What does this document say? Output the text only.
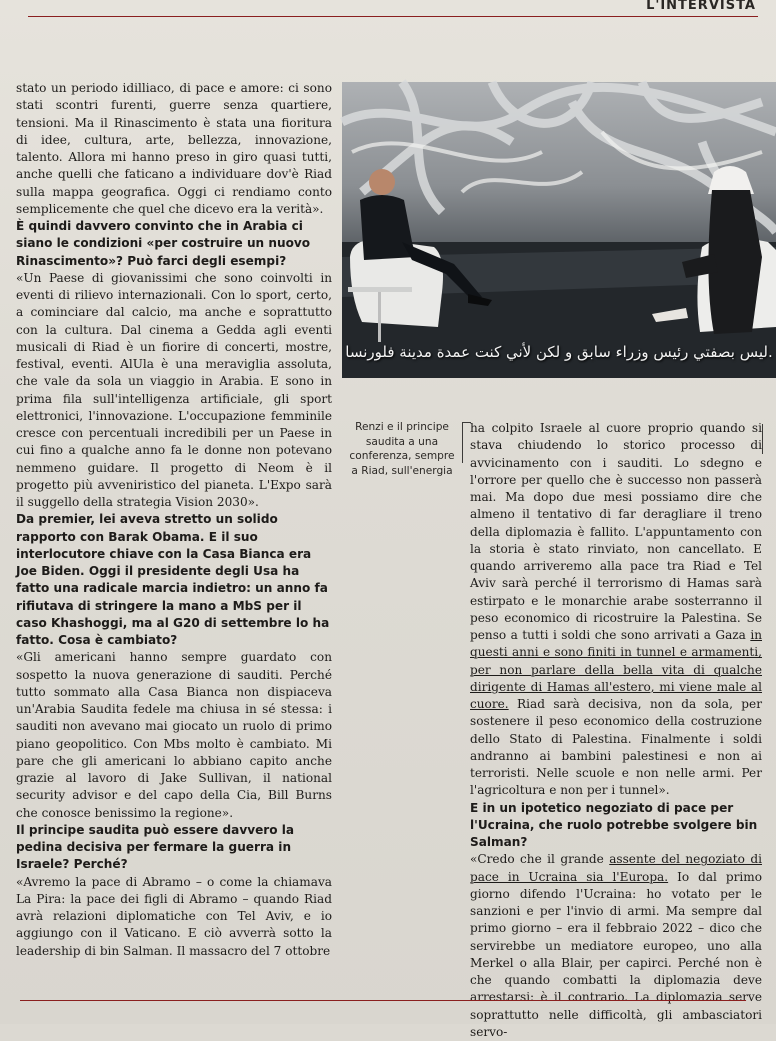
L'INTERVISTA

stato un periodo idilliaco, di pace e amore: ci sono stati scontri furenti, guerre senza quartiere, tensioni. Ma il Rinascimento è stata una fioritura di idee, cultura, arte, bellezza, innovazione, talento. Allora mi hanno preso in giro quasi tutti, anche quelli che faticano a individuare dov'è Riad sulla mappa geografica. Oggi ci rendiamo conto semplicemente che quel che dicevo era la verità».

È quindi davvero convinto che in Arabia ci siano le condizioni «per costruire un nuovo Rinascimento»? Può farci degli esempi?

«Un Paese di giovanissimi che sono coinvolti in eventi di rilievo internazionali. Con lo sport, certo, a cominciare dal calcio, ma anche e soprattutto con la cultura. Dal cinema a Gedda agli eventi musicali di Riad è un fiorire di concerti, mostre, festival, eventi. AlUla è una meraviglia assoluta, che vale da sola un viaggio in Arabia. E sono in prima fila sull'intelligenza artificiale, gli sport elettronici, l'innovazione. L'occupazione femminile cresce con percentuali incredibili per un Paese in cui fino a qualche anno fa le donne non potevano nemmeno guidare. Il progetto di Neom è il progetto più avveniristico del pianeta. L'Expo sarà il suggello della strategia Vision 2030».

Da premier, lei aveva stretto un solido rapporto con Barak Obama. E il suo interlocutore chiave con la Casa Bianca era Joe Biden. Oggi il presidente degli Usa ha fatto una radicale marcia indietro: un anno fa rifiutava di stringere la mano a MbS per il caso Khashoggi, ma al G20 di settembre lo ha fatto. Cosa è cambiato?

«Gli americani hanno sempre guardato con sospetto la nuova generazione di sauditi. Perché tutto sommato alla Casa Bianca non dispiaceva un'Arabia Saudita fedele ma chiusa in sé stessa: i sauditi non avevano mai giocato un ruolo di primo piano geopolitico. Con Mbs molto è cambiato. Mi pare che gli americani lo abbiano capito anche grazie al lavoro di Jake Sullivan, il national security advisor e del capo della Cia, Bill Burns che conosce benissimo la regione».

Il principe saudita può essere davvero la pedina decisiva per fermare la guerra in Israele? Perché?

«Avremo la pace di Abramo – o come la chiamava La Pira: la pace dei figli di Abramo – quando Riad avrà relazioni diplomatiche con Tel Aviv, e io aggiungo con il Vaticano. E ciò avverrà sotto la leadership di bin Salman. Il massacro del 7 ottobre

ليس بصفتي رئيس وزراء سابق و لكن لأني كنت عمدة مدينة فلورنسا.
Renzi e il principe saudita a una conferenza, sempre a Riad, sull'energia

ha colpito Israele al cuore proprio quando si stava chiudendo lo storico processo di avvicinamento con i sauditi. Lo sdegno e l'orrore per quello che è successo non passerà mai. Ma dopo due mesi possiamo dire che almeno il tentativo di far deragliare il treno della diplomazia è fallito. L'appuntamento con la storia è stato rinviato, non cancellato. E quando arriveremo alla pace tra Riad e Tel Aviv sarà perché il terrorismo di Hamas sarà estirpato e le monarchie arabe sosterranno il peso economico di ricostruire la Palestina. Se penso a tutti i soldi che sono arrivati a Gaza in questi anni e sono finiti in tunnel e armamenti, per non parlare della bella vita di qualche dirigente di Hamas all'estero, mi viene male al cuore. Riad sarà decisiva, non da sola, per sostenere il peso economico della costruzione dello Stato di Palestina. Finalmente i soldi andranno ai bambini palestinesi e non ai terroristi. Nelle scuole e non nelle armi. Per l'agricoltura e non per i tunnel».

E in un ipotetico negoziato di pace per l'Ucraina, che ruolo potrebbe svolgere bin Salman?

«Credo che il grande assente del negoziato di pace in Ucraina sia l'Europa. Io dal primo giorno difendo l'Ucraina: ho votato per le sanzioni e per l'invio di armi. Ma sempre dal primo giorno – era il febbraio 2022 – dico che servirebbe un mediatore europeo, uno alla Merkel o alla Blair, per capirci. Perché non è che quando combatti la diplomazia deve arrestarsi: è il contrario. La diplomazia serve soprattutto nelle difficoltà, gli ambasciatori servo-
